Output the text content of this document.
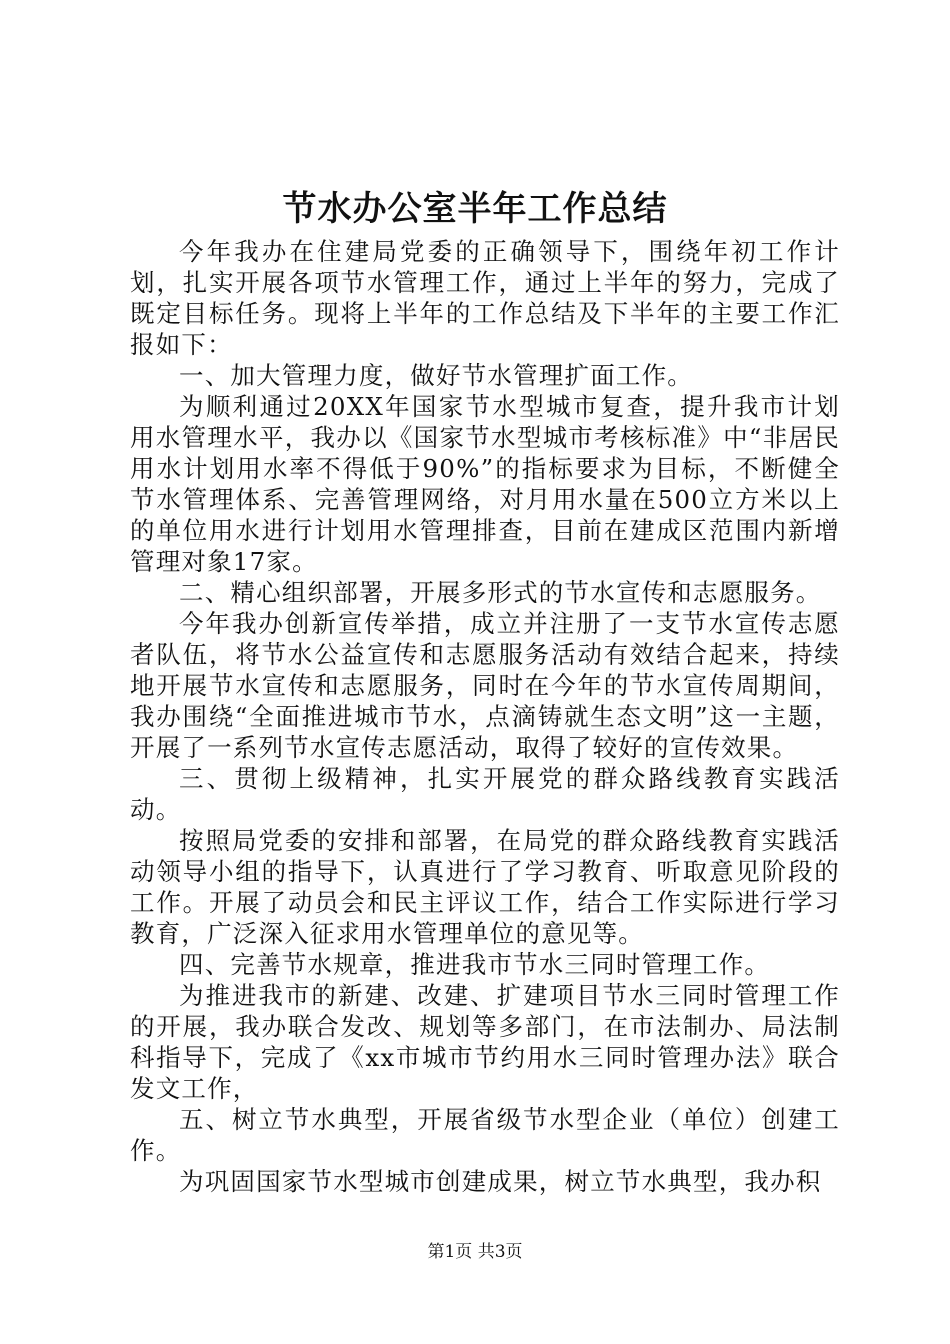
节水办公室半年工作总结

今年我办在住建局党委的正确领导下，围绕年初工作计划，扎实开展各项节水管理工作，通过上半年的努力，完成了既定目标任务。现将上半年的工作总结及下半年的主要工作汇报如下：

一、加大管理力度，做好节水管理扩面工作。

为顺利通过20XX年国家节水型城市复查，提升我市计划用水管理水平，我办以《国家节水型城市考核标准》中“非居民用水计划用水率不得低于90%”的指标要求为目标，不断健全节水管理体系、完善管理网络，对月用水量在500立方米以上的单位用水进行计划用水管理排查，目前在建成区范围内新增管理对象17家。

二、精心组织部署，开展多形式的节水宣传和志愿服务。

今年我办创新宣传举措，成立并注册了一支节水宣传志愿者队伍，将节水公益宣传和志愿服务活动有效结合起来，持续地开展节水宣传和志愿服务，同时在今年的节水宣传周期间，我办围绕“全面推进城市节水，点滴铸就生态文明”这一主题，开展了一系列节水宣传志愿活动，取得了较好的宣传效果。

三、贯彻上级精神，扎实开展党的群众路线教育实践活动。

按照局党委的安排和部署，在局党的群众路线教育实践活动领导小组的指导下，认真进行了学习教育、听取意见阶段的工作。开展了动员会和民主评议工作，结合工作实际进行学习教育，广泛深入征求用水管理单位的意见等。

四、完善节水规章，推进我市节水三同时管理工作。

为推进我市的新建、改建、扩建项目节水三同时管理工作的开展，我办联合发改、规划等多部门，在市法制办、局法制科指导下，完成了《xx市城市节约用水三同时管理办法》联合发文工作，

五、树立节水典型，开展省级节水型企业（单位）创建工作。

为巩固国家节水型城市创建成果，树立节水典型，我办积

第1页 共3页
